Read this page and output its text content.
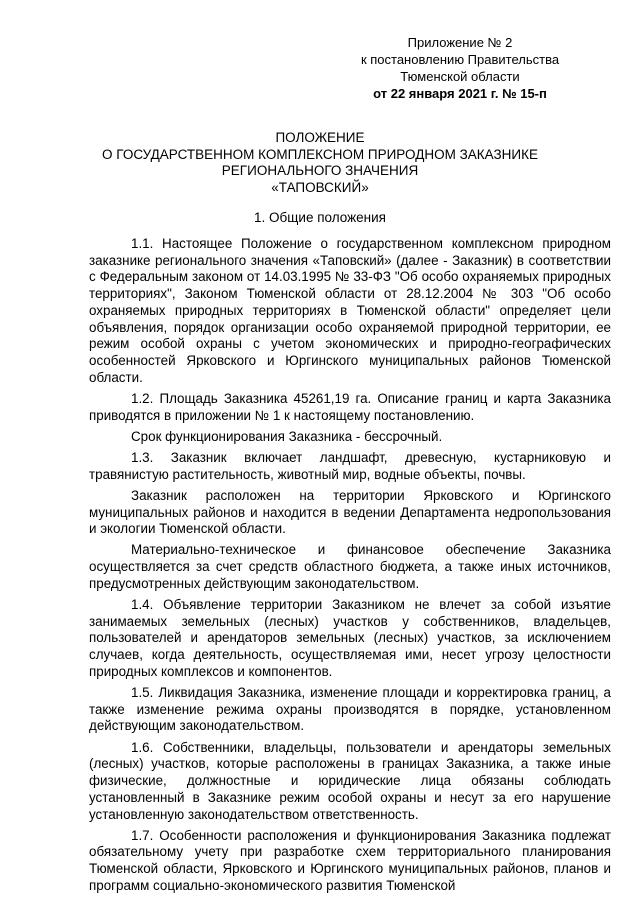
Приложение № 2
к постановлению Правительства
Тюменской области
от 22 января 2021 г. № 15-п
ПОЛОЖЕНИЕ
О ГОСУДАРСТВЕННОМ КОМПЛЕКСНОМ ПРИРОДНОМ ЗАКАЗНИКЕ
РЕГИОНАЛЬНОГО ЗНАЧЕНИЯ
«ТАПОВСКИЙ»
1. Общие положения

1.1. Настоящее Положение о государственном комплексном природном заказнике регионального значения «Таповский» (далее - Заказник) в соответствии с Федеральным законом от 14.03.1995 № 33-ФЗ "Об особо охраняемых природных территориях", Законом Тюменской области от 28.12.2004 № 303 "Об особо охраняемых природных территориях в Тюменской области" определяет цели объявления, порядок организации особо охраняемой природной территории, ее режим особой охраны с учетом экономических и природно-географических особенностей Ярковского и Юргинского муниципальных районов Тюменской области.

1.2. Площадь Заказника 45261,19 га. Описание границ и карта Заказника приводятся в приложении № 1 к настоящему постановлению.

Срок функционирования Заказника - бессрочный.

1.3. Заказник включает ландшафт, древесную, кустарниковую и травянистую растительность, животный мир, водные объекты, почвы.

Заказник расположен на территории Ярковского и Юргинского муниципальных районов и находится в ведении Департамента недропользования и экологии Тюменской области.

Материально-техническое и финансовое обеспечение Заказника осуществляется за счет средств областного бюджета, а также иных источников, предусмотренных действующим законодательством.

1.4. Объявление территории Заказником не влечет за собой изъятие занимаемых земельных (лесных) участков у собственников, владельцев, пользователей и арендаторов земельных (лесных) участков, за исключением случаев, когда деятельность, осуществляемая ими, несет угрозу целостности природных комплексов и компонентов.

1.5. Ликвидация Заказника, изменение площади и корректировка границ, а также изменение режима охраны производятся в порядке, установленном действующим законодательством.

1.6. Собственники, владельцы, пользователи и арендаторы земельных (лесных) участков, которые расположены в границах Заказника, а также иные физические, должностные и юридические лица обязаны соблюдать установленный в Заказнике режим особой охраны и несут за его нарушение установленную законодательством ответственность.

1.7. Особенности расположения и функционирования Заказника подлежат обязательному учету при разработке схем территориального планирования Тюменской области, Ярковского и Юргинского муниципальных районов, планов и программ социально-экономического развития Тюменской
